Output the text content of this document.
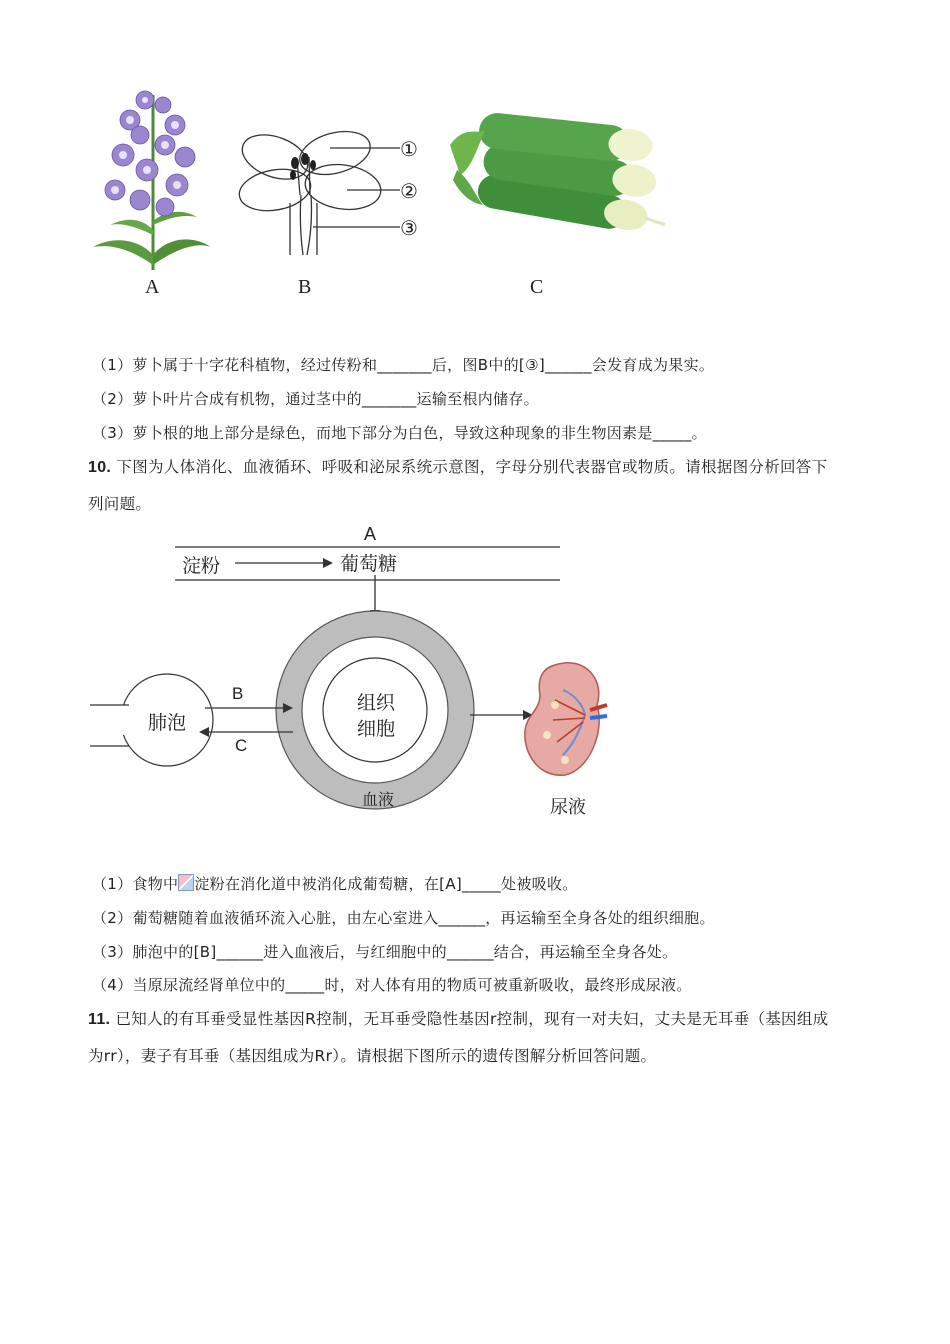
A	B	C
①
②
③
（1）萝卜属于十字花科植物，经过传粉和_______后，图B中的[③]______会发育成为果实。
（2）萝卜叶片合成有机物，通过茎中的_______运输至根内储存。
（3）萝卜根的地上部分是绿色，而地下部分为白色，导致这种现象的非生物因素是_____。
10. 下图为人体消化、血液循环、呼吸和泌尿系统示意图，字母分别代表器官或物质。请根据图分析回答下
列问题。
A
淀粉	葡萄糖
肺泡
B
C
组织
细胞
血液	尿液
（1）食物中 淀粉在消化道中被消化成葡萄糖，在[A]_____处被吸收。
（2）葡萄糖随着血液循环流入心脏，由左心室进入______，再运输至全身各处的组织细胞。
（3）肺泡中的[B]______进入血液后，与红细胞中的______结合，再运输至全身各处。
（4）当原尿流经肾单位中的_____时，对人体有用的物质可被重新吸收，最终形成尿液。
11. 已知人的有耳垂受显性基因R控制，无耳垂受隐性基因r控制，现有一对夫妇，丈夫是无耳垂（基因组成
为rr），妻子有耳垂（基因组成为Rr）。请根据下图所示的遗传图解分析回答问题。
